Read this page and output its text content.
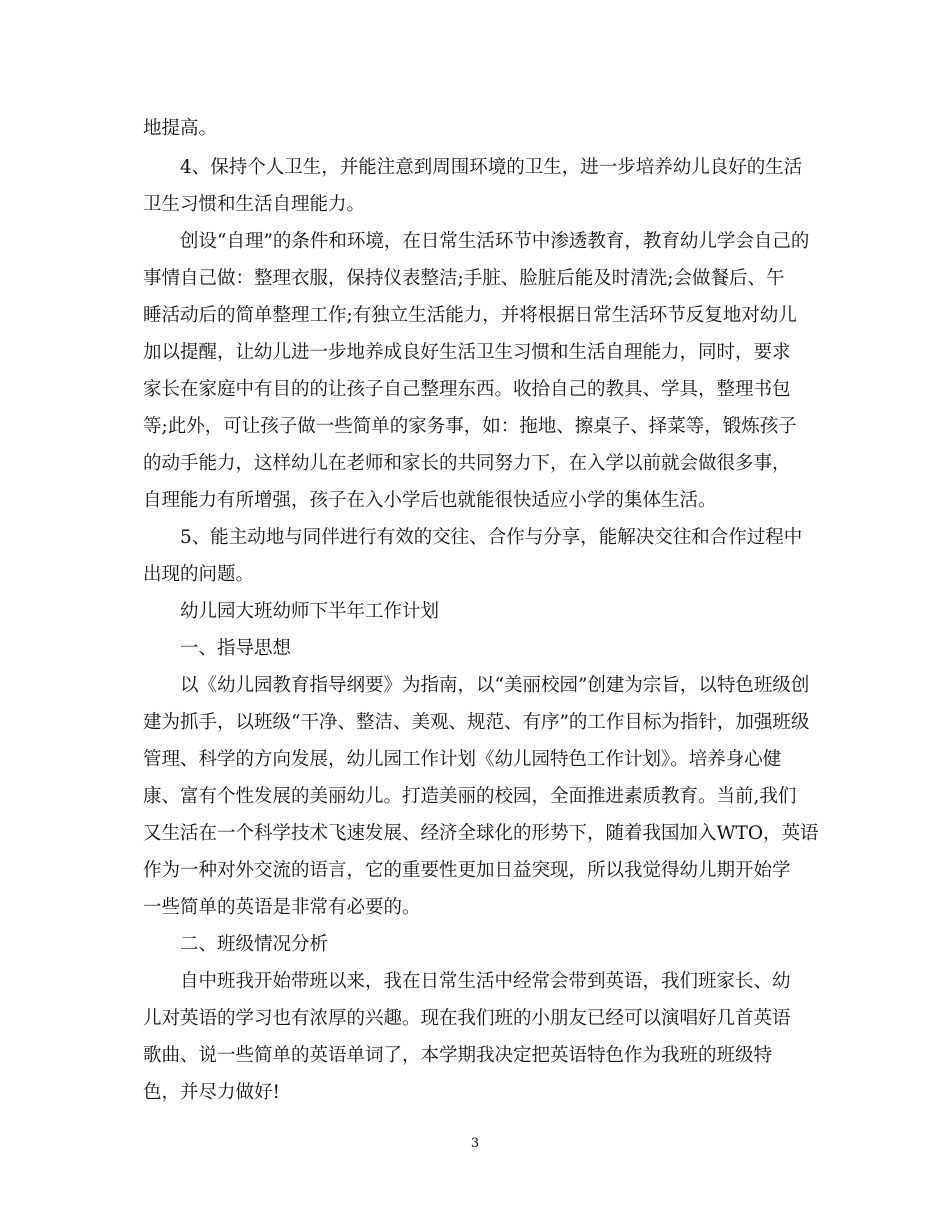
地提高。

4、保持个人卫生，并能注意到周围环境的卫生，进一步培养幼儿良好的生活

卫生习惯和生活自理能力。

创设“自理”的条件和环境，在日常生活环节中渗透教育，教育幼儿学会自己的

事情自己做：整理衣服，保持仪表整洁;手脏、脸脏后能及时清洗;会做餐后、午

睡活动后的简单整理工作;有独立生活能力，并将根据日常生活环节反复地对幼儿

加以提醒，让幼儿进一步地养成良好生活卫生习惯和生活自理能力，同时，要求

家长在家庭中有目的的让孩子自己整理东西。收拾自己的教具、学具，整理书包

等;此外，可让孩子做一些简单的家务事，如：拖地、擦桌子、择菜等，锻炼孩子

的动手能力，这样幼儿在老师和家长的共同努力下，在入学以前就会做很多事，

自理能力有所增强，孩子在入小学后也就能很快适应小学的集体生活。

5、能主动地与同伴进行有效的交往、合作与分享，能解决交往和合作过程中

出现的问题。

幼儿园大班幼师下半年工作计划

一、指导思想

以《幼儿园教育指导纲要》为指南，以“美丽校园”创建为宗旨，以特色班级创

建为抓手，以班级“干净、整洁、美观、规范、有序”的工作目标为指针，加强班级

管理、科学的方向发展，幼儿园工作计划《幼儿园特色工作计划》。培养身心健

康、富有个性发展的美丽幼儿。打造美丽的校园，全面推进素质教育。当前,我们

又生活在一个科学技术飞速发展、经济全球化的形势下，随着我国加入WTO，英语

作为一种对外交流的语言，它的重要性更加日益突现，所以我觉得幼儿期开始学

一些简单的英语是非常有必要的。

二、班级情况分析

自中班我开始带班以来，我在日常生活中经常会带到英语，我们班家长、幼

儿对英语的学习也有浓厚的兴趣。现在我们班的小朋友已经可以演唱好几首英语

歌曲、说一些简单的英语单词了，本学期我决定把英语特色作为我班的班级特

色，并尽力做好!

3
